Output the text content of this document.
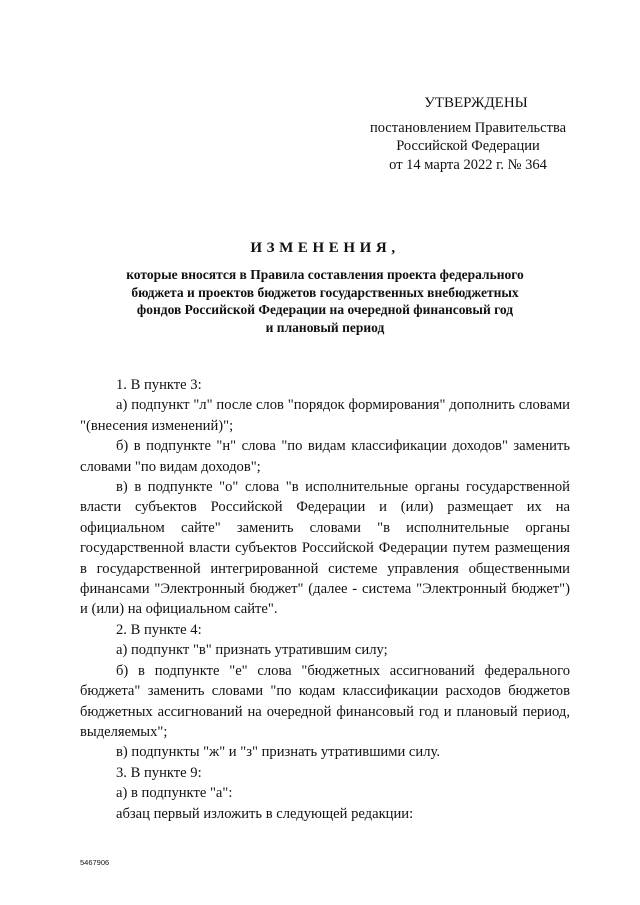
УТВЕРЖДЕНЫ
постановлением Правительства
Российской Федерации
от 14 марта 2022 г. № 364
ИЗМЕНЕНИЯ,
которые вносятся в Правила составления проекта федерального
бюджета и проектов бюджетов государственных внебюджетных
фондов Российской Федерации на очередной финансовый год
и плановый период

1. В пункте 3:

а) подпункт "л" после слов "порядок формирования" дополнить словами "(внесения изменений)";

б) в подпункте "н" слова "по видам классификации доходов" заменить словами "по видам доходов";

в) в подпункте "о" слова "в исполнительные органы государственной власти субъектов Российской Федерации и (или) размещает их на официальном сайте" заменить словами "в исполнительные органы государственной власти субъектов Российской Федерации путем размещения в государственной интегрированной системе управления общественными финансами "Электронный бюджет" (далее - система "Электронный бюджет") и (или) на официальном сайте".

2. В пункте 4:

а) подпункт "в" признать утратившим силу;

б) в подпункте "е" слова "бюджетных ассигнований федерального бюджета" заменить словами "по кодам классификации расходов бюджетов бюджетных ассигнований на очередной финансовый год и плановый период, выделяемых";

в) подпункты "ж" и "з" признать утратившими силу.

3. В пункте 9:

а) в подпункте "а":

абзац первый изложить в следующей редакции:

5467906
